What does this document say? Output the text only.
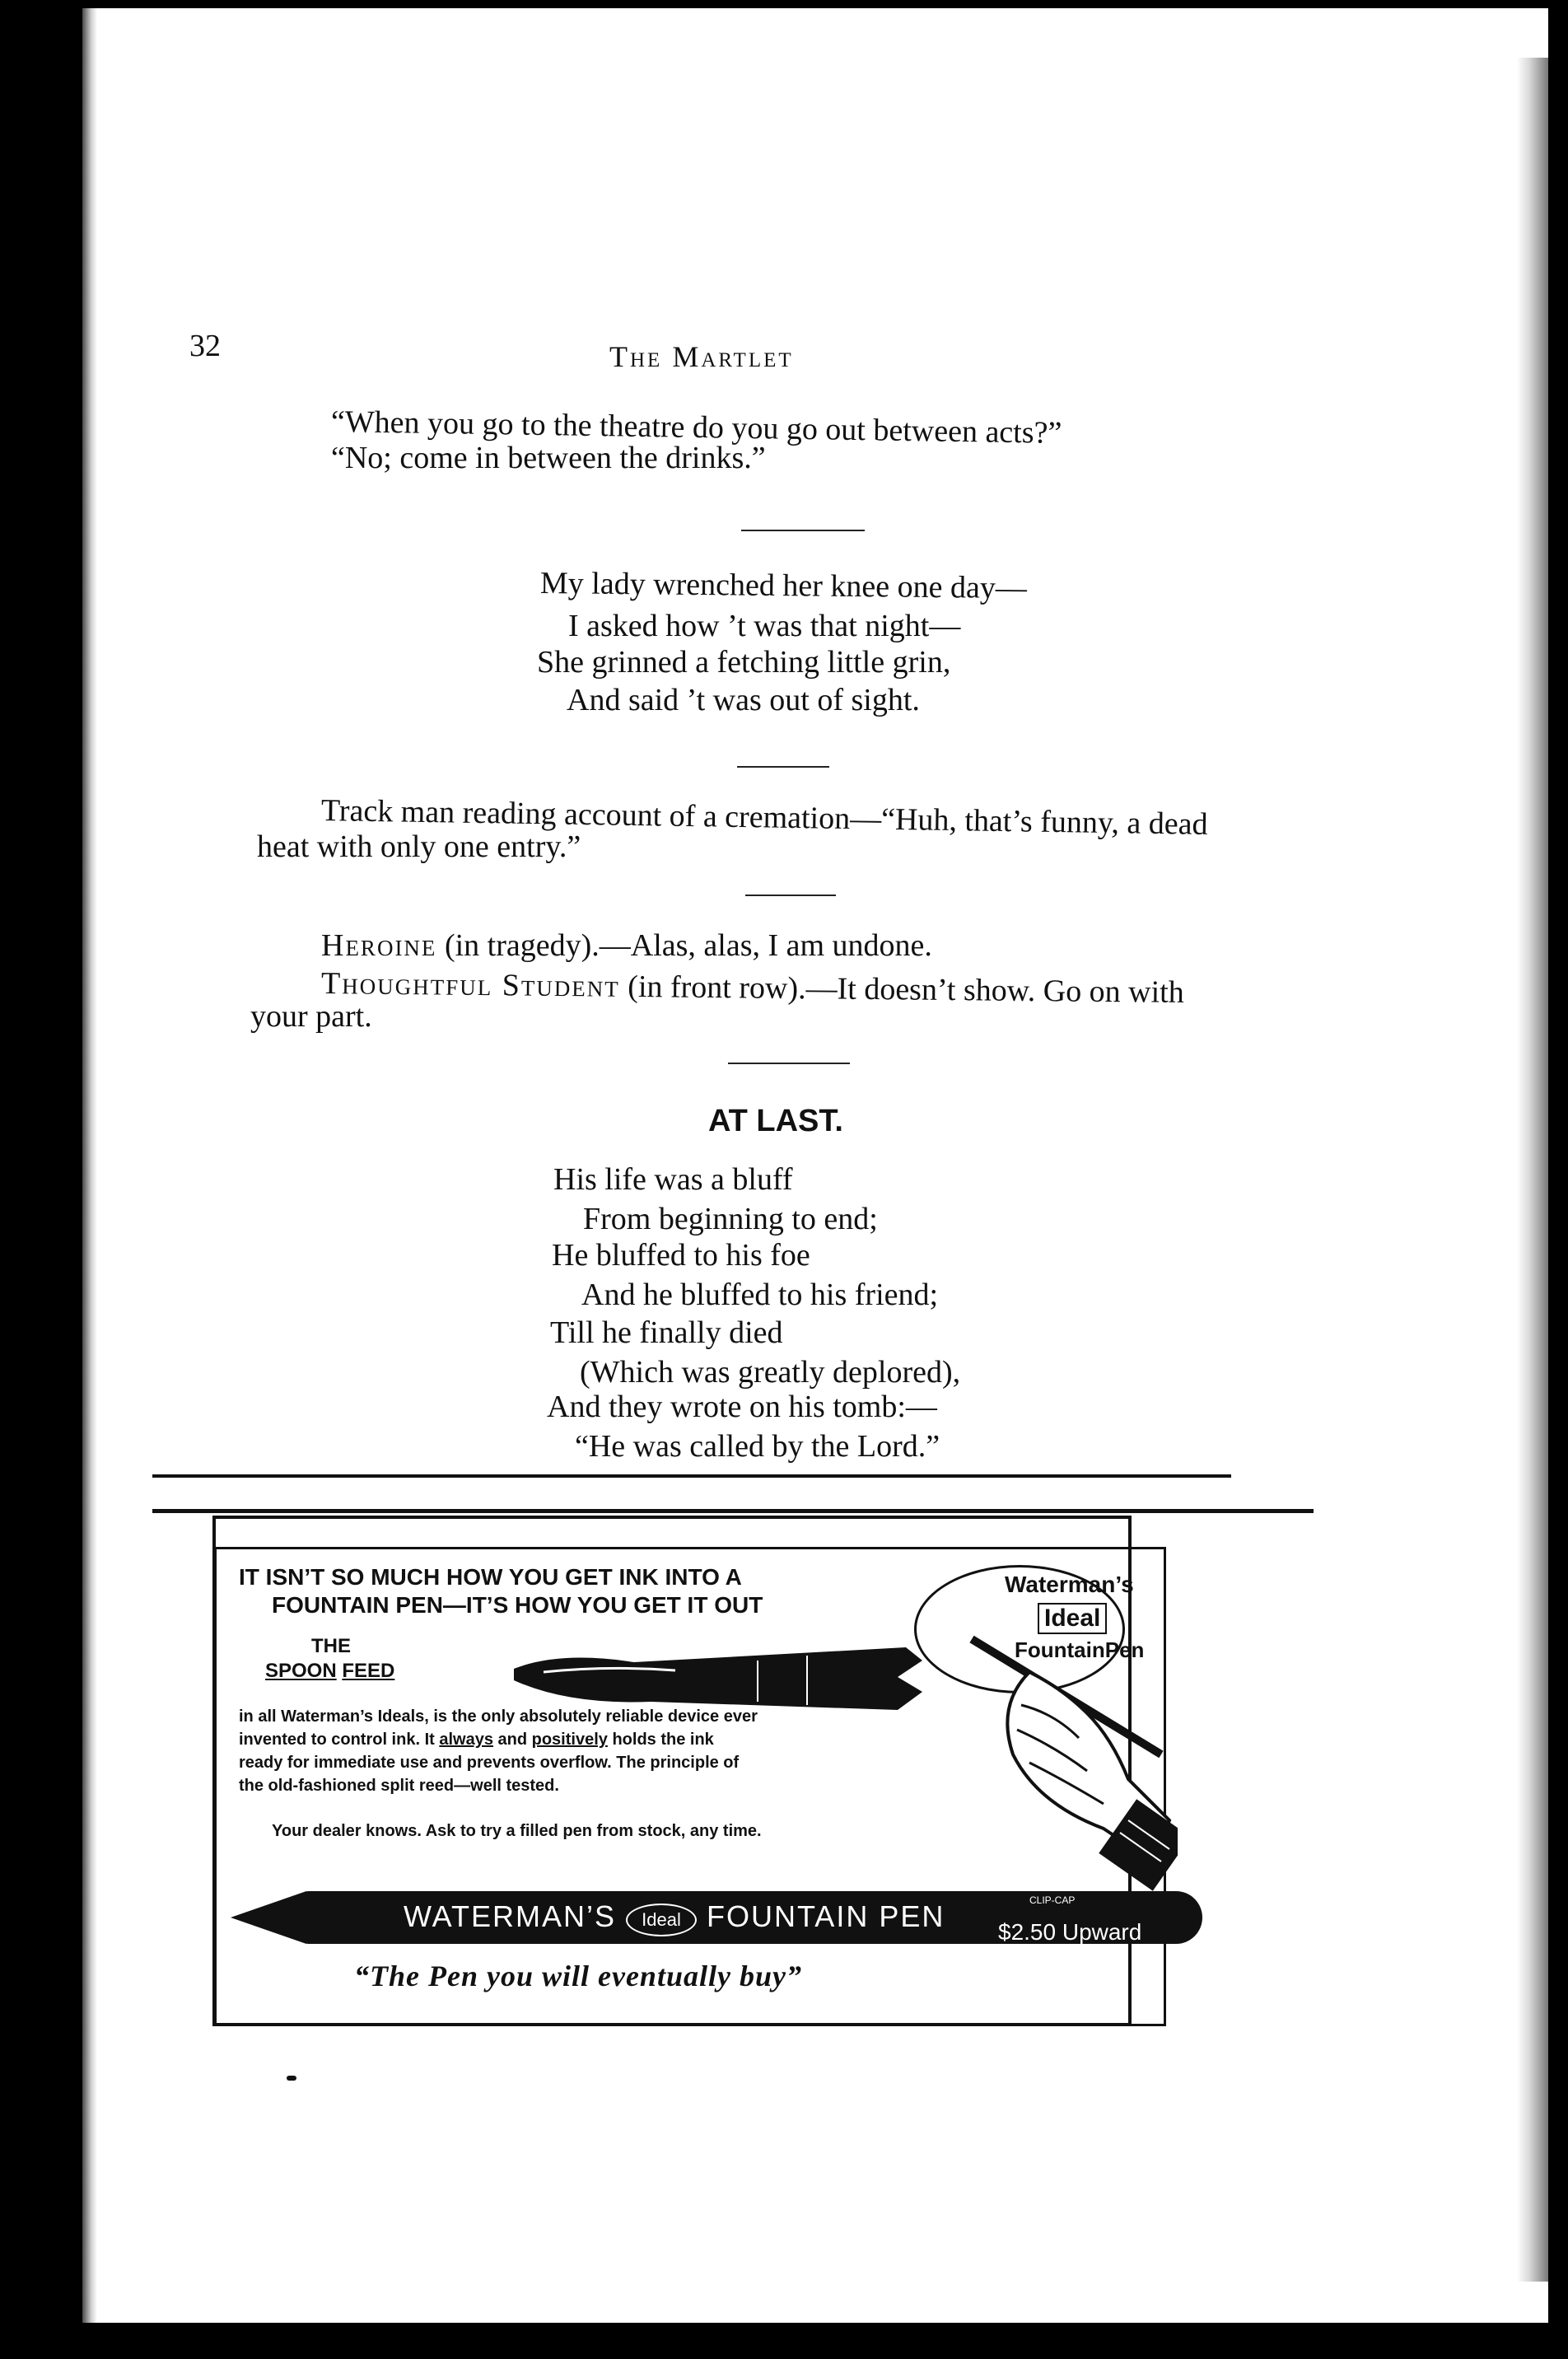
32	The Martlet
“When you go to the theatre do you go out between acts?”
“No; come in between the drinks.”
My lady wrenched her knee one day—
I asked how ’t was that night—
She grinned a fetching little grin,
And said ’t was out of sight.
Track man reading account of a cremation—“Huh, that’s funny, a dead
heat with only one entry.”
Heroine (in tragedy).—Alas, alas, I am undone.
Thoughtful Student (in front row).—It doesn’t show. Go on with
your part.
AT LAST.
His life was a bluff
From beginning to end;
He bluffed to his foe
And he bluffed to his friend;
Till he finally died
(Which was greatly deplored),
And they wrote on his tomb:—
“He was called by the Lord.”
IT ISN’T SO MUCH HOW YOU GET INK INTO A
FOUNTAIN PEN—IT’S HOW YOU GET IT OUT
THE
SPOON FEED
in all Waterman’s Ideals, is the only absolutely reliable device ever
invented to control ink. It always and positively holds the ink
ready for immediate use and prevents overflow. The principle of
the old-fashioned split reed—well tested.
Your dealer knows. Ask to try a filled pen from stock, any time.
Waterman’s
Ideal
FountainPen
WATERMAN’S	Ideal FOUNTAIN PEN	CLIP-CAP
$2.50 Upward
“The Pen you will eventually buy”
